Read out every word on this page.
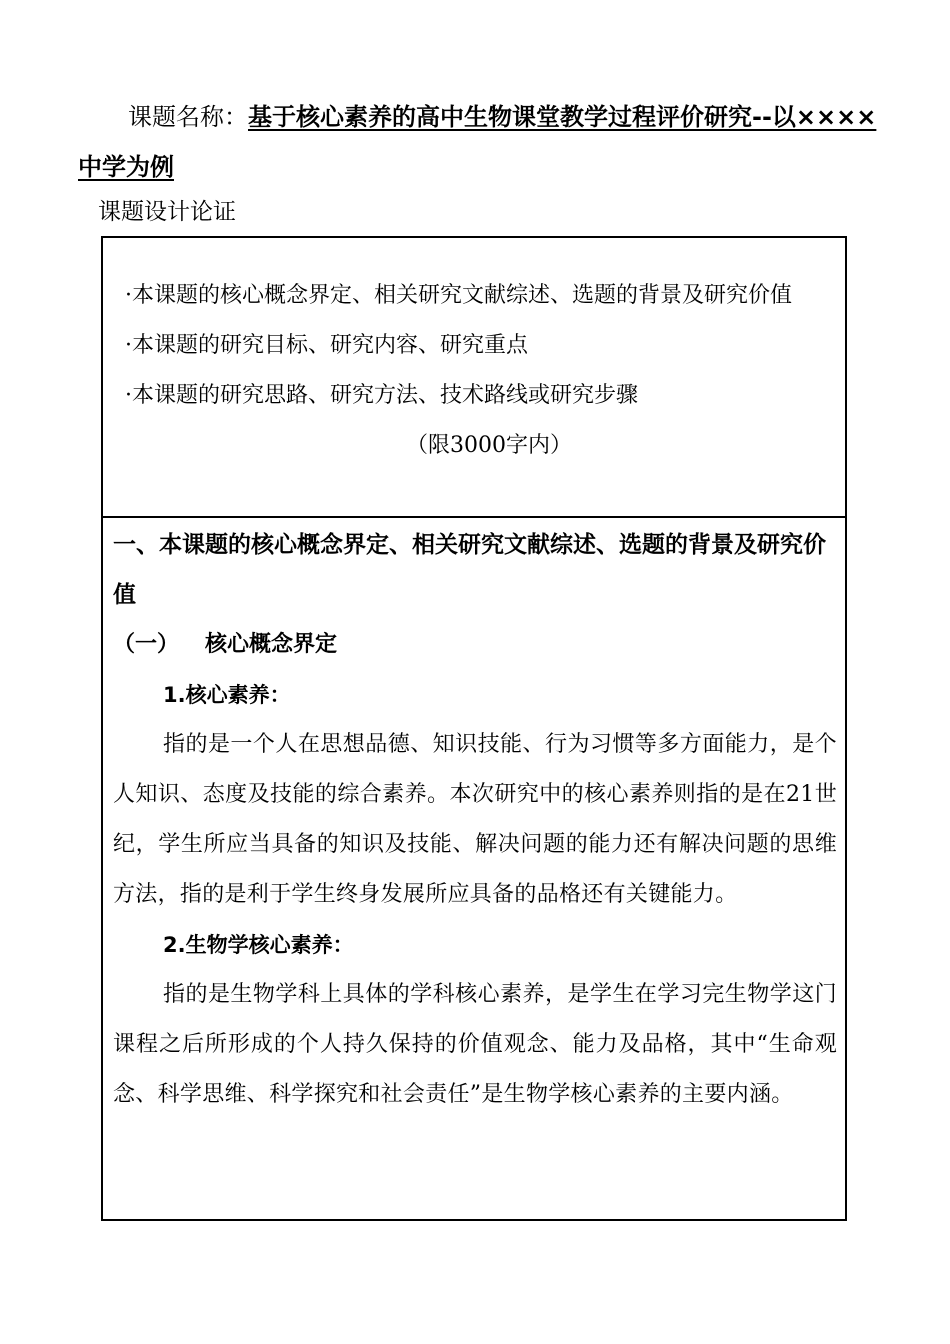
课题名称：基于核心素养的高中生物课堂教学过程评价研究--以××××中学为例
课题设计论证
·本课题的核心概念界定、相关研究文献综述、选题的背景及研究价值
·本课题的研究目标、研究内容、研究重点
·本课题的研究思路、研究方法、技术路线或研究步骤
（限3000字内）
一、本课题的核心概念界定、相关研究文献综述、选题的背景及研究价值
（一） 核心概念界定
1.核心素养：
指的是一个人在思想品德、知识技能、行为习惯等多方面能力，是个人知识、态度及技能的综合素养。本次研究中的核心素养则指的是在21世纪，学生所应当具备的知识及技能、解决问题的能力还有解决问题的思维方法，指的是利于学生终身发展所应具备的品格还有关键能力。
2.生物学核心素养：
指的是生物学科上具体的学科核心素养，是学生在学习完生物学这门课程之后所形成的个人持久保持的价值观念、能力及品格，其中“生命观念、科学思维、科学探究和社会责任”是生物学核心素养的主要内涵。
